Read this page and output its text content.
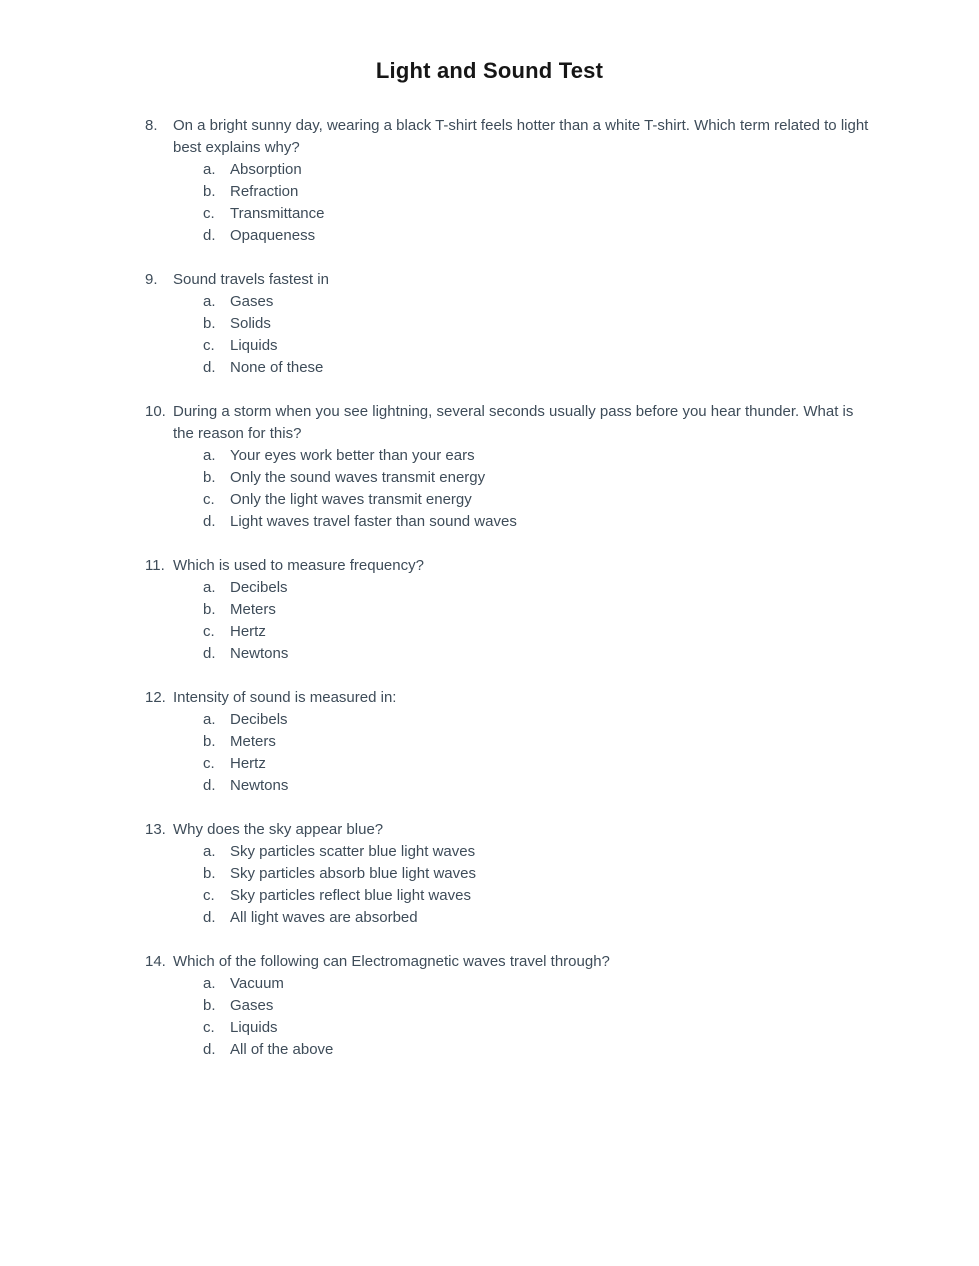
Light and Sound Test
8.	On a bright sunny day, wearing a black T-shirt feels hotter than a white T-shirt. Which term related to light best explains why?
a. Absorption
b. Refraction
c.	Transmittance
d. Opaqueness
9.	Sound travels fastest in
a. Gases
b. Solids
c.	Liquids
d. None of these
10. During a storm when you see lightning, several seconds usually pass before you hear thunder. What is the reason for this?
a. Your eyes work better than your ears
b. Only the sound waves transmit energy
c.	Only the light waves transmit energy
d. Light waves travel faster than sound waves
11. Which is used to measure frequency?
a. Decibels
b. Meters
c.	Hertz
d. Newtons
12. Intensity of sound is measured in:
a. Decibels
b. Meters
c.	Hertz
d. Newtons
13. Why does the sky appear blue?
a. Sky particles scatter blue light waves
b. Sky particles absorb blue light waves
c.	Sky particles reflect blue light waves
d. All light waves are absorbed
14. Which of the following can Electromagnetic waves travel through?
a. Vacuum
b. Gases
c.	Liquids
d. All of the above
